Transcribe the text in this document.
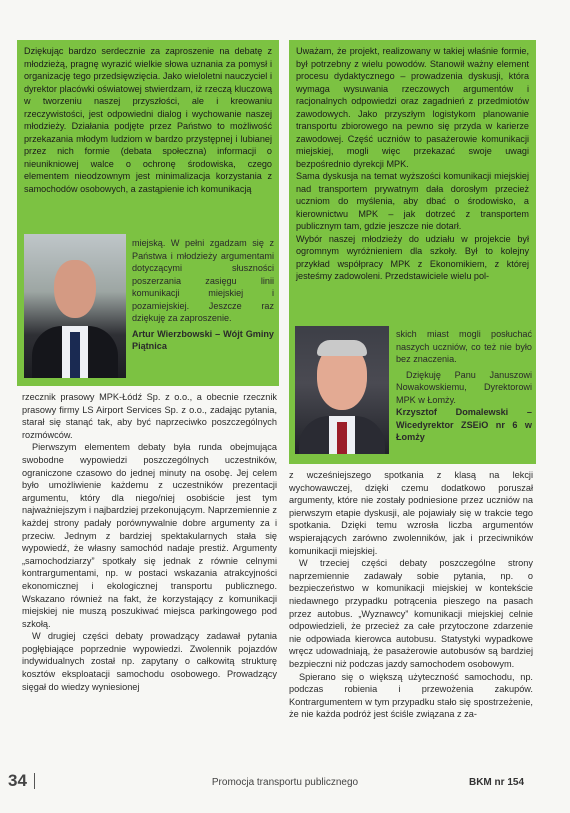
Dziękując bardzo serdecznie za zaproszenie na debatę z młodzieżą, pragnę wyrazić wielkie słowa uznania za pomysł i organizację tego przedsięwzięcia. Jako wieloletni nauczyciel i dyrektor placówki oświatowej stwierdzam, iż rzeczą kluczową w tworzeniu naszej przyszłości, ale i kreowaniu rzeczywistości, jest odpowiedni dialog i wychowanie naszej młodzieży. Działania podjęte przez Państwo to możliwość przekazania młodym ludziom w bardzo przystępnej i lubianej przez nich formie (debata społeczna) informacji o nieunikniowej walce o ochronę środowiska, czego elementem nieodzownym jest minimalizacja korzystania z samochodów osobowych, a zastąpienie ich komunikacją

miejską. W pełni zgadzam się z Państwa i młodzieży argumentami dotyczącymi słuszności poszerzania zasięgu linii komunikacji miejskiej i pozamiejskiej. Jeszcze raz dziękuję za zaproszenie.
Artur Wierzbowski – Wójt Gminy Piątnica

Uważam, że projekt, realizowany w takiej właśnie formie, był potrzebny z wielu powodów. Stanowił ważny element procesu dydaktycznego – prowadzenia dyskusji, która wymaga wysuwania rzeczowych argumentów i racjonalnych odpowiedzi oraz zagadnień z przedmiotów zawodowych. Jako przyszłym logistykom planowanie transportu zbiorowego na pewno się przyda w karierze zawodowej. Część uczniów to pasażerowie komunikacji miejskiej, mogli więc przekazać swoje uwagi bezpośrednio dyrekcji MPK.

Sama dyskusja na temat wyższości komunikacji miejskiej nad transportem prywatnym dała dorosłym przecież uczniom do myślenia, aby dbać o środowisko, a kierownictwu MPK – jak dotrzeć z transportem publicznym tam, gdzie jeszcze nie dotarł.

Wybór naszej młodzieży do udziału w projekcie był ogromnym wyróżnieniem dla szkoły. Był to kolejny przykład współpracy MPK z Ekonomikiem, z której jesteśmy zadowoleni. Przedstawiciele wielu pol-

skich miast mogli posłuchać naszych uczniów, co też nie było bez znaczenia.
Dziękuję Panu Januszowi Nowakowskiemu, Dyrektorowi MPK w Łomży.
Krzysztof Domalewski – Wicedyrektor ZSEiO nr 6 w Łomży

rzecznik prasowy MPK-Łódź Sp. z o.o., a obecnie rzecznik prasowy firmy LS Airport Services Sp. z o.o., zadając pytania, starał się stanąć tak, aby być naprzeciwko poszczególnych rozmówców.

Pierwszym elementem debaty była runda obejmująca swobodne wypowiedzi poszczególnych uczestników, ograniczone czasowo do jednej minuty na osobę. Jej celem było umożliwienie każdemu z uczestników prezentacji argumentu, który dla niego/niej osobiście jest tym najważniejszym i najbardziej przekonującym. Naprzemiennie z każdej strony padały porównywalnie dobre argumenty za i przeciw. Jednym z bardziej spektakularnych stała się wypowiedź, że własny samochód nadaje prestiż. Argumenty „samochodziarzy” spotkały się jednak z równie celnymi kontrargumentami, np. w postaci wskazania atrakcyjności ekonomicznej i ekologicznej transportu publicznego. Wskazano również na fakt, że korzystający z komunikacji miejskiej nie muszą poszukiwać miejsca parkingowego pod szkołą.

W drugiej części debaty prowadzący zadawał pytania pogłębiające poprzednie wypowiedzi. Zwolennik pojazdów indywidualnych został np. zapytany o całkowitą strukturę kosztów eksploatacji samochodu osobowego. Prowadzący sięgał do wiedzy wyniesionej

z wcześniejszego spotkania z klasą na lekcji wychowawczej, dzięki czemu dodatkowo poruszał argumenty, które nie zostały podniesione przez uczniów na pierwszym etapie dyskusji, ale pojawiały się w trakcie tego spotkania. Dzięki temu wzrosła liczba argumentów wspierających zarówno zwolenników, jak i przeciwników komunikacji miejskiej.

W trzeciej części debaty poszczególne strony naprzemiennie zadawały sobie pytania, np. o bezpieczeństwo w komunikacji miejskiej w kontekście niedawnego przypadku potrącenia pieszego na pasach przez autobus. „Wyznawcy” komunikacji miejskiej celnie odpowiedzieli, że przecież za całe przytoczone zdarzenie nie odpowiada kierowca autobusu. Statystyki wypadkowe wręcz udowadniają, że pasażerowie autobusów są bardziej bezpieczni niż podczas jazdy samochodem osobowym.

Spierano się o większą użyteczność samochodu, np. podczas robienia i przewożenia zakupów. Kontrargumentem w tym przypadku stało się spostrzeżenie, że nie każda podróż jest ściśle związana z za-

34	Promocja transportu publicznego	BKM nr 154
